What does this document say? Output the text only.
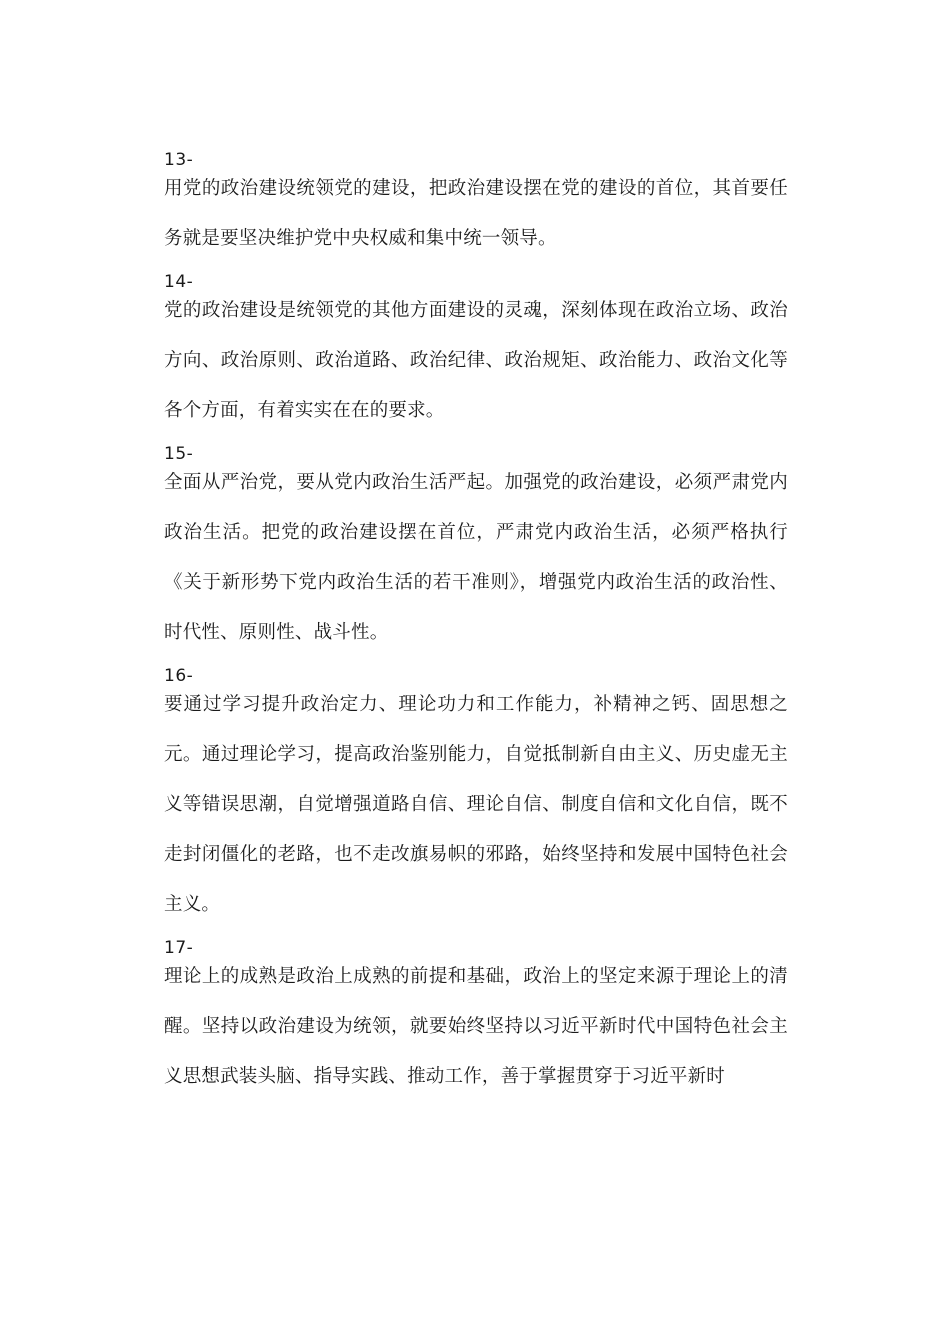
13-

用党的政治建设统领党的建设，把政治建设摆在党的建设的首位，其首要任务就是要坚决维护党中央权威和集中统一领导。

14-

党的政治建设是统领党的其他方面建设的灵魂，深刻体现在政治立场、政治方向、政治原则、政治道路、政治纪律、政治规矩、政治能力、政治文化等各个方面，有着实实在在的要求。

15-

全面从严治党，要从党内政治生活严起。加强党的政治建设，必须严肃党内政治生活。把党的政治建设摆在首位，严肃党内政治生活，必须严格执行《关于新形势下党内政治生活的若干准则》，增强党内政治生活的政治性、时代性、原则性、战斗性。

16-

要通过学习提升政治定力、理论功力和工作能力，补精神之钙、固思想之元。通过理论学习，提高政治鉴别能力，自觉抵制新自由主义、历史虚无主义等错误思潮，自觉增强道路自信、理论自信、制度自信和文化自信，既不走封闭僵化的老路，也不走改旗易帜的邪路，始终坚持和发展中国特色社会主义。

17-

理论上的成熟是政治上成熟的前提和基础，政治上的坚定来源于理论上的清醒。坚持以政治建设为统领，就要始终坚持以习近平新时代中国特色社会主义思想武装头脑、指导实践、推动工作，善于掌握贯穿于习近平新时
